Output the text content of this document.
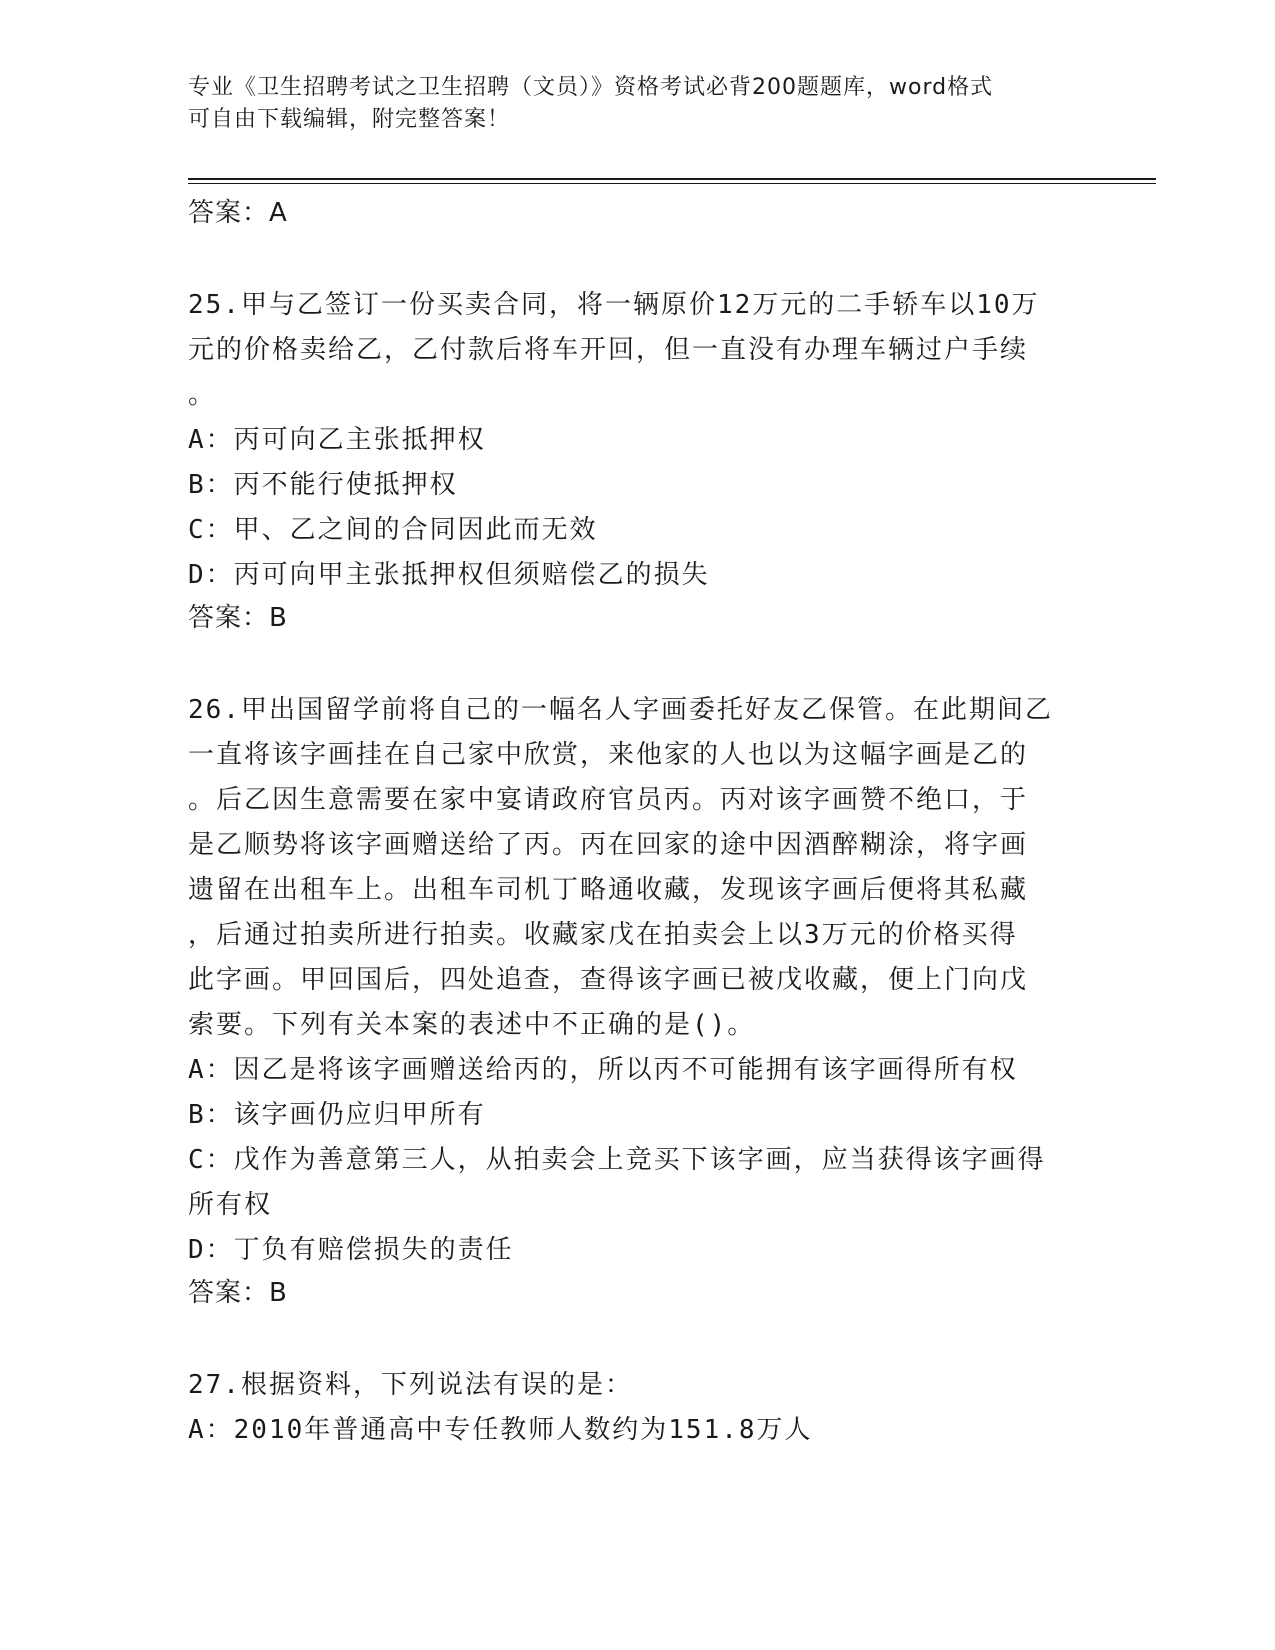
专业《卫生招聘考试之卫生招聘（文员）》资格考试必背200题题库，word格式
可自由下载编辑，附完整答案！
答案：A
25.甲与乙签订一份买卖合同，将一辆原价12万元的二手轿车以10万
元的价格卖给乙，乙付款后将车开回，但一直没有办理车辆过户手续
。
A：丙可向乙主张抵押权
B：丙不能行使抵押权
C：甲、乙之间的合同因此而无效
D：丙可向甲主张抵押权但须赔偿乙的损失
答案：B
26.甲出国留学前将自己的一幅名人字画委托好友乙保管。在此期间乙
一直将该字画挂在自己家中欣赏，来他家的人也以为这幅字画是乙的
。后乙因生意需要在家中宴请政府官员丙。丙对该字画赞不绝口，于
是乙顺势将该字画赠送给了丙。丙在回家的途中因酒醉糊涂，将字画
遗留在出租车上。出租车司机丁略通收藏，发现该字画后便将其私藏
，后通过拍卖所进行拍卖。收藏家戊在拍卖会上以3万元的价格买得
此字画。甲回国后，四处追查，查得该字画已被戊收藏，便上门向戊
索要。下列有关本案的表述中不正确的是()。
A：因乙是将该字画赠送给丙的，所以丙不可能拥有该字画得所有权
B：该字画仍应归甲所有
C：戊作为善意第三人，从拍卖会上竞买下该字画，应当获得该字画得
所有权
D：丁负有赔偿损失的责任
答案：B
27.根据资料，下列说法有误的是：
A：2010年普通高中专任教师人数约为151.8万人
